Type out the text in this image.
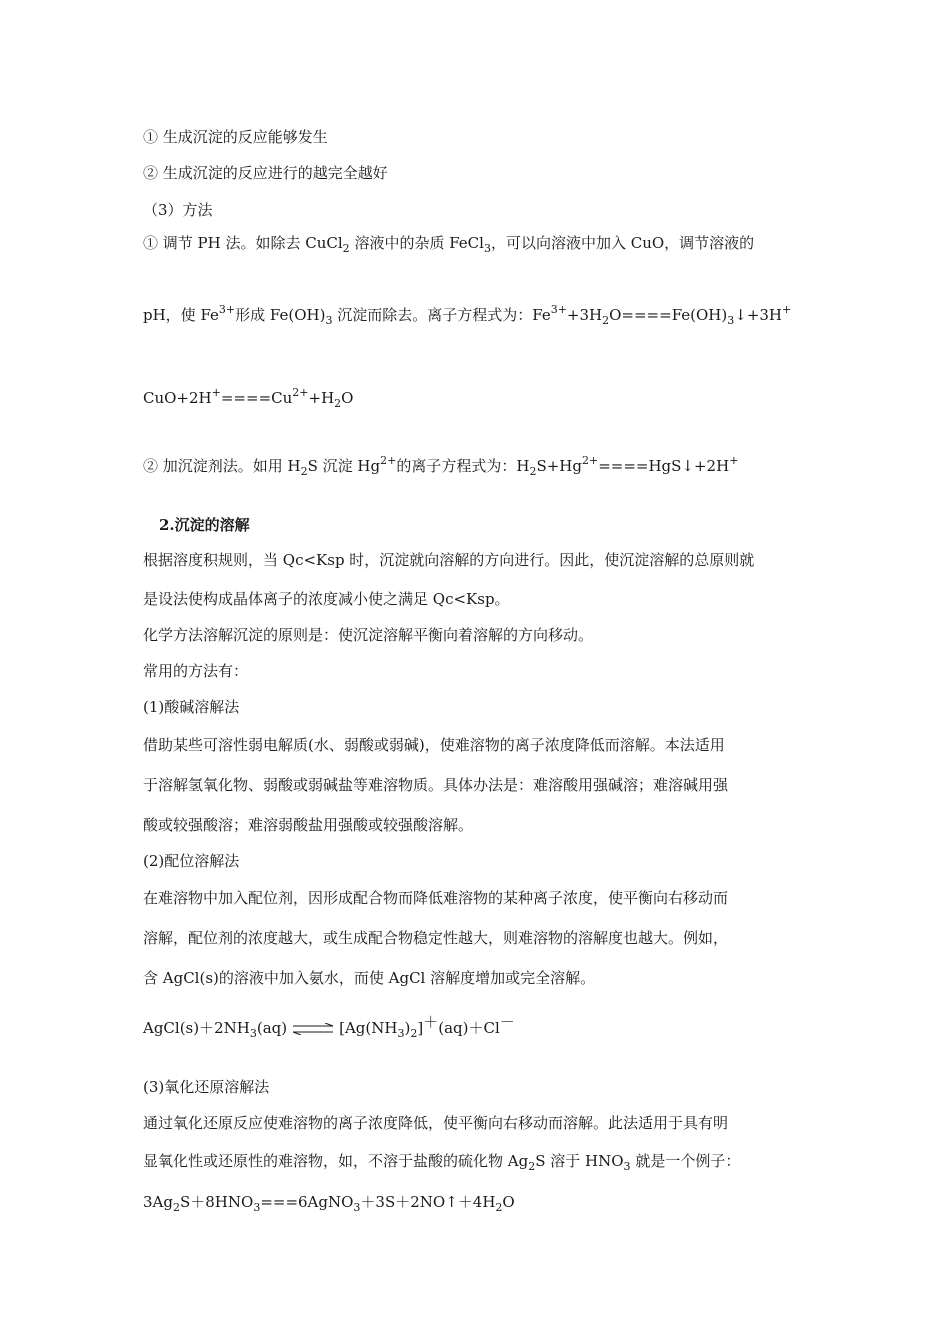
① 生成沉淀的反应能够发生
② 生成沉淀的反应进行的越完全越好
（3）方法
① 调节 PH 法。如除去 CuCl$_2$ 溶液中的杂质 FeCl$_3$，可以向溶液中加入 CuO，调节溶液的
pH，使 $Fe^{3+}$形成 $Fe(OH)_3$ 沉淀而除去。离子方程式为：$Fe^{3+}+3H_2O====Fe(OH)_3↓+3H^+$
$CuO+2H^+====Cu^{2+}+H_2O$
② 加沉淀剂法。如用 $H_2S$ 沉淀 $Hg^{2+}$的离子方程式为：$H_2S+Hg^{2+}====HgS↓+2H^+$
2.沉淀的溶解
根据溶度积规则，当 Qc<Ksp 时，沉淀就向溶解的方向进行。因此，使沉淀溶解的总原则就
是设法使构成晶体离子的浓度减小使之满足 Qc<Ksp。
化学方法溶解沉淀的原则是：使沉淀溶解平衡向着溶解的方向移动。
常用的方法有：
(1)酸碱溶解法
借助某些可溶性弱电解质(水、弱酸或弱碱)，使难溶物的离子浓度降低而溶解。本法适用
于溶解氢氧化物、弱酸或弱碱盐等难溶物质。具体办法是：难溶酸用强碱溶；难溶碱用强
酸或较强酸溶；难溶弱酸盐用强酸或较强酸溶解。
(2)配位溶解法
在难溶物中加入配位剂，因形成配合物而降低难溶物的某种离子浓度，使平衡向右移动而
溶解，配位剂的浓度越大，或生成配合物稳定性越大，则难溶物的溶解度也越大。例如，
含 AgCl(s)的溶液中加入氨水，而使 AgCl 溶解度增加或完全溶解。
$AgCl(s)+2NH_3(aq)$ ⇌ $[Ag(NH_3)_2]+(aq)+Cl-$
(3)氧化还原溶解法
通过氧化还原反应使难溶物的离子浓度降低，使平衡向右移动而溶解。此法适用于具有明
显氧化性或还原性的难溶物，如，不溶于盐酸的硫化物 $Ag_2S$ 溶于 $HNO_3$ 就是一个例子：
$3Ag_2S+8HNO_3===6AgNO_3+3S+2NO↑+4H_2O$
